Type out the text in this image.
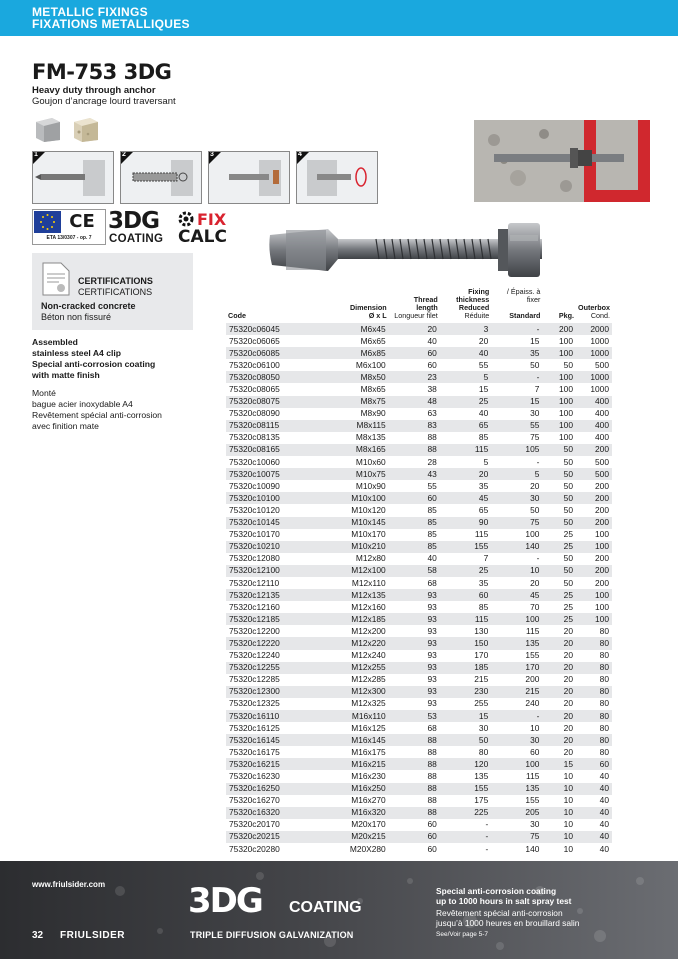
METALLIC FIXINGS
FIXATIONS METALLIQUES
FM-753 3DG
Heavy duty through anchor
Goujon d’ancrage lourd traversant
1	2	3	4
CE
ETA 13/0307 - op. 7
3DG
COATING
FIX
CALC
CERTIFICATIONS
CERTIFICATIONS
Non-cracked concrete
Béton non fissuré
Assembled
stainless steel A4 clip
Special anti-corrosion coating
with matte finish
Monté
bague acier inoxydable A4
Revêtement spécial anti-corrosion
avec finition mate
Code	Dimension
Ø x L	Thread length
Longueur filet	Fixing thickness
Reduced
Réduite	/ Épaiss. à fixer

Standard	Pkg.	Outerbox
Cond.
75320c06045	M6x45	20	3	-	200	2000
75320c06065	M6x65	40	20	15	100	1000
75320c06085	M6x85	60	40	35	100	1000
75320c06100	M6x100	60	55	50	50	500
75320c08050	M8x50	23	5	-	100	1000
75320c08065	M8x65	38	15	7	100	1000
75320c08075	M8x75	48	25	15	100	400
75320c08090	M8x90	63	40	30	100	400
75320c08115	M8x115	83	65	55	100	400
75320c08135	M8x135	88	85	75	100	400
75320c08165	M8x165	88	115	105	50	200
75320c10060	M10x60	28	5	-	50	500
75320c10075	M10x75	43	20	5	50	500
75320c10090	M10x90	55	35	20	50	200
75320c10100	M10x100	60	45	30	50	200
75320c10120	M10x120	85	65	50	50	200
75320c10145	M10x145	85	90	75	50	200
75320c10170	M10x170	85	115	100	25	100
75320c10210	M10x210	85	155	140	25	100
75320c12080	M12x80	40	7	-	50	200
75320c12100	M12x100	58	25	10	50	200
75320c12110	M12x110	68	35	20	50	200
75320c12135	M12x135	93	60	45	25	100
75320c12160	M12x160	93	85	70	25	100
75320c12185	M12x185	93	115	100	25	100
75320c12200	M12x200	93	130	115	20	80
75320c12220	M12x220	93	150	135	20	80
75320c12240	M12x240	93	170	155	20	80
75320c12255	M12x255	93	185	170	20	80
75320c12285	M12x285	93	215	200	20	80
75320c12300	M12x300	93	230	215	20	80
75320c12325	M12x325	93	255	240	20	80
75320c16110	M16x110	53	15	-	20	80
75320c16125	M16x125	68	30	10	20	80
75320c16145	M16x145	88	50	30	20	80
75320c16175	M16x175	88	80	60	20	80
75320c16215	M16x215	88	120	100	15	60
75320c16230	M16x230	88	135	115	10	40
75320c16250	M16x250	88	155	135	10	40
75320c16270	M16x270	88	175	155	10	40
75320c16320	M16x320	88	225	205	10	40
75320c20170	M20x170	60	-	30	10	40
75320c20215	M20x215	60	-	75	10	40
75320c20280	M20X280	60	-	140	10	40
www.friulsider.com
32 FRIULSIDER
3DG COATING
TRIPLE DIFFUSION GALVANIZATION
Special anti-corrosion coating
up to 1000 hours in salt spray test
Revêtement spécial anti-corrosion
jusqu’à 1000 heures en brouillard salin
See/Voir page 5-7
